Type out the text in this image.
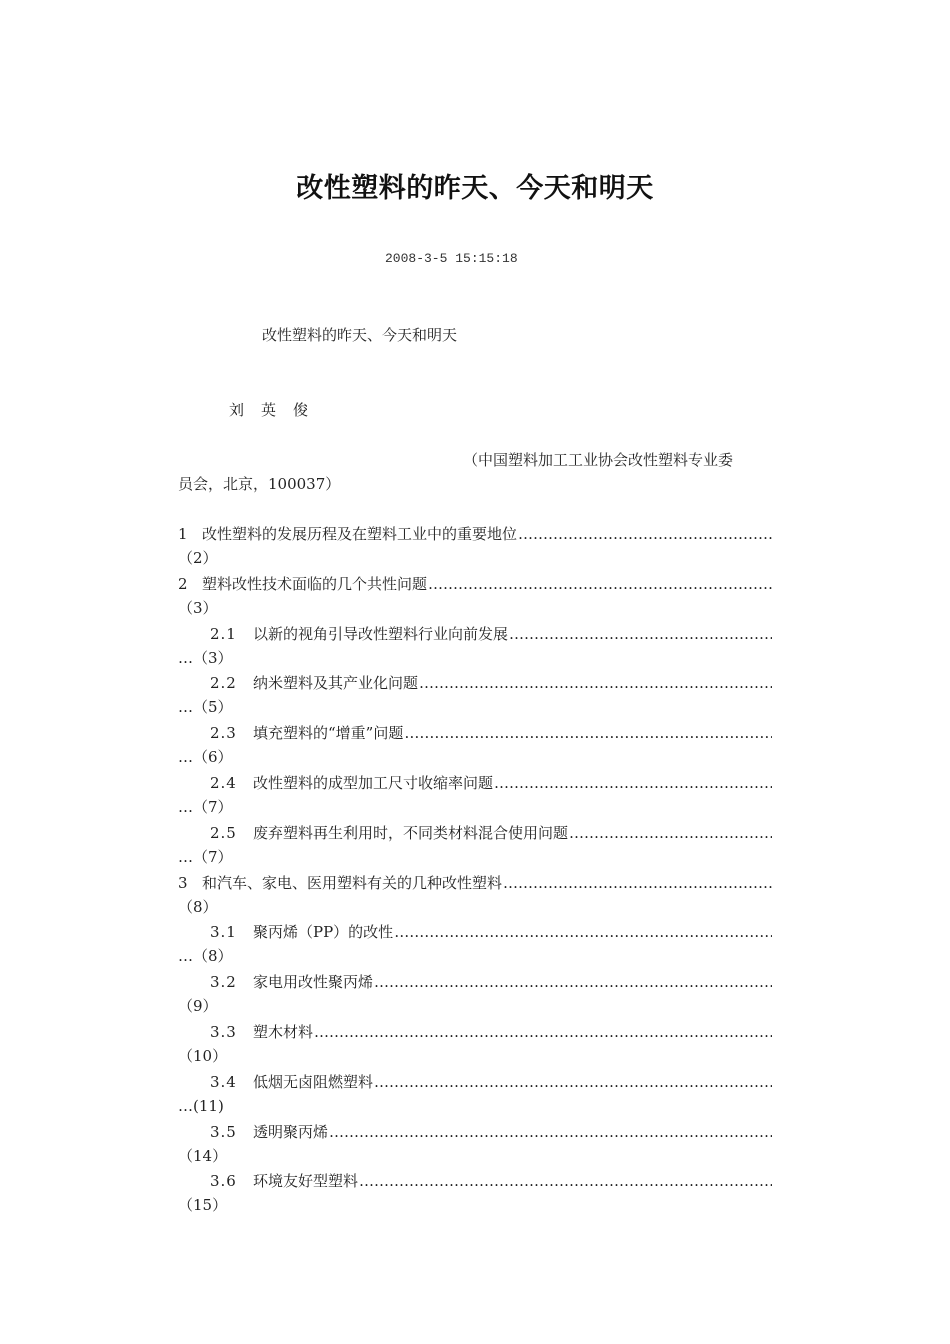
改性塑料的昨天、今天和明天
2008-3-5 15:15:18
改性塑料的昨天、今天和明天
刘英俊
（中国塑料加工工业协会改性塑料专业委
员会，北京，100037）
1 改性塑料的发展历程及在塑料工业中的重要地位
…………………………………………………………………………………………………………………………………………………………
（2）
2 塑料改性技术面临的几个共性问题
…………………………………………………………………………………………………………………………………………………………
（3）
2.1	以新的视角引导改性塑料行业向前发展
…………………………………………………………………………………………………………………………………………………………
… （3）
2.2	纳米塑料及其产业化问题
…………………………………………………………………………………………………………………………………………………………
… （5）
2.3	填充塑料的“增重”问题
…………………………………………………………………………………………………………………………………………………………
… （6）
2.4	改性塑料的成型加工尺寸收缩率问题
…………………………………………………………………………………………………………………………………………………………
… （7）
2.5	废弃塑料再生利用时，不同类材料混合使用问题
…………………………………………………………………………………………………………………………………………………………
… （7）
3 和汽车、家电、医用塑料有关的几种改性塑料
…………………………………………………………………………………………………………………………………………………………
（8）
3.1	聚丙烯（PP）的改性
…………………………………………………………………………………………………………………………………………………………
… （8）
3.2	家电用改性聚丙烯
…………………………………………………………………………………………………………………………………………………………
（9）
3.3	塑木材料
…………………………………………………………………………………………………………………………………………………………
（10）
3.4	低烟无卤阻燃塑料
…………………………………………………………………………………………………………………………………………………………
… (11)
3.5	透明聚丙烯
…………………………………………………………………………………………………………………………………………………………
（14）
3.6	环境友好型塑料
…………………………………………………………………………………………………………………………………………………………
（15）
